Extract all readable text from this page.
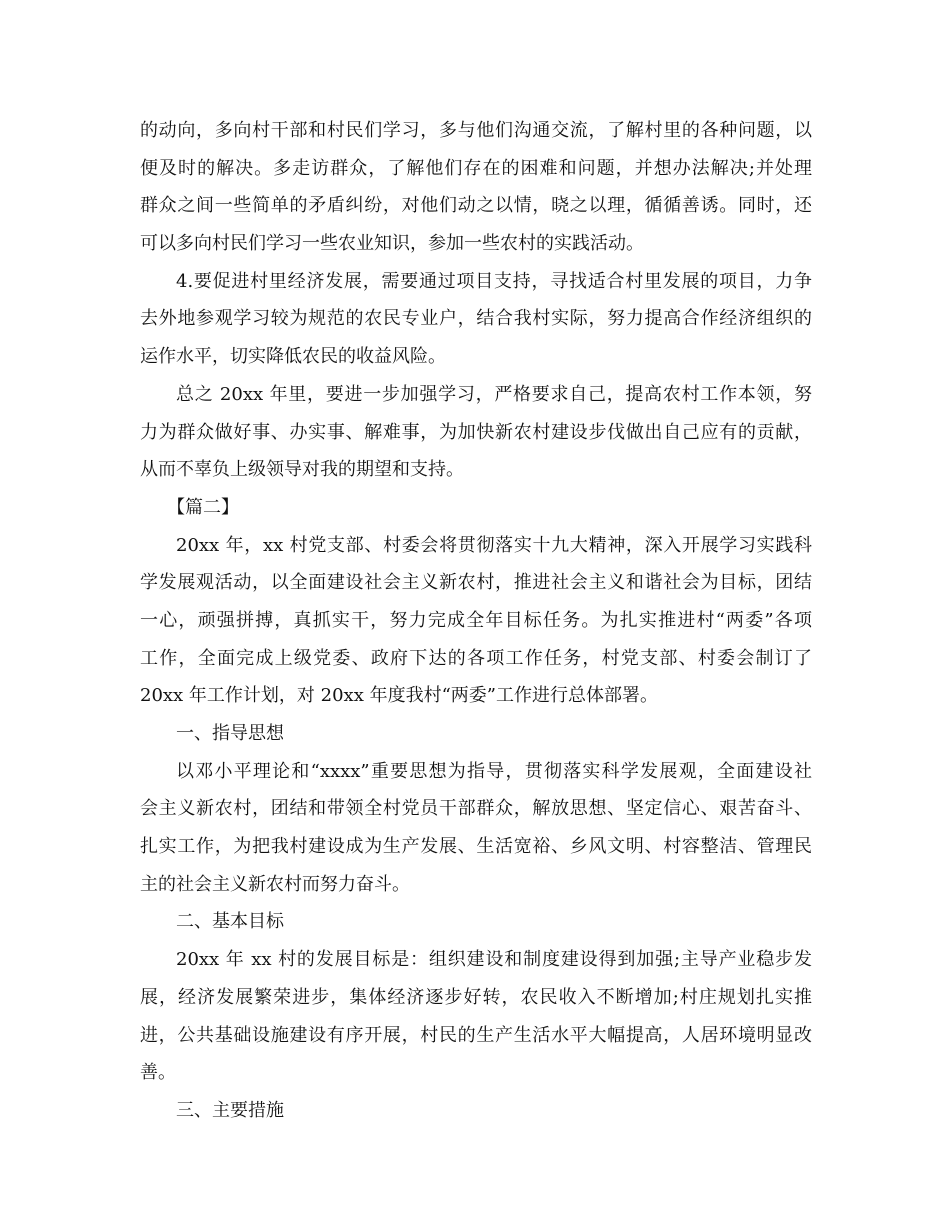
的动向，多向村干部和村民们学习，多与他们沟通交流，了解村里的各种问题，以
便及时的解决。多走访群众，了解他们存在的困难和问题，并想办法解决;并处理
群众之间一些简单的矛盾纠纷，对他们动之以情，晓之以理，循循善诱。同时，还
可以多向村民们学习一些农业知识，参加一些农村的实践活动。

4.要促进村里经济发展，需要通过项目支持，寻找适合村里发展的项目，力争
去外地参观学习较为规范的农民专业户，结合我村实际，努力提高合作经济组织的
运作水平，切实降低农民的收益风险。

总之 20xx 年里，要进一步加强学习，严格要求自己，提高农村工作本领，努
力为群众做好事、办实事、解难事，为加快新农村建设步伐做出自己应有的贡献，
从而不辜负上级领导对我的期望和支持。

【篇二】

20xx 年，xx 村党支部、村委会将贯彻落实十九大精神，深入开展学习实践科
学发展观活动，以全面建设社会主义新农村，推进社会主义和谐社会为目标，团结
一心，顽强拼搏，真抓实干，努力完成全年目标任务。为扎实推进村“两委”各项
工作，全面完成上级党委、政府下达的各项工作任务，村党支部、村委会制订了
20xx 年工作计划，对 20xx 年度我村“两委”工作进行总体部署。

一、指导思想

以邓小平理论和“xxxx”重要思想为指导，贯彻落实科学发展观，全面建设社
会主义新农村，团结和带领全村党员干部群众，解放思想、坚定信心、艰苦奋斗、
扎实工作，为把我村建设成为生产发展、生活宽裕、乡风文明、村容整洁、管理民
主的社会主义新农村而努力奋斗。

二、基本目标

20xx 年 xx 村的发展目标是：组织建设和制度建设得到加强;主导产业稳步发
展，经济发展繁荣进步，集体经济逐步好转，农民收入不断增加;村庄规划扎实推
进，公共基础设施建设有序开展，村民的生产生活水平大幅提高，人居环境明显改
善。

三、主要措施
